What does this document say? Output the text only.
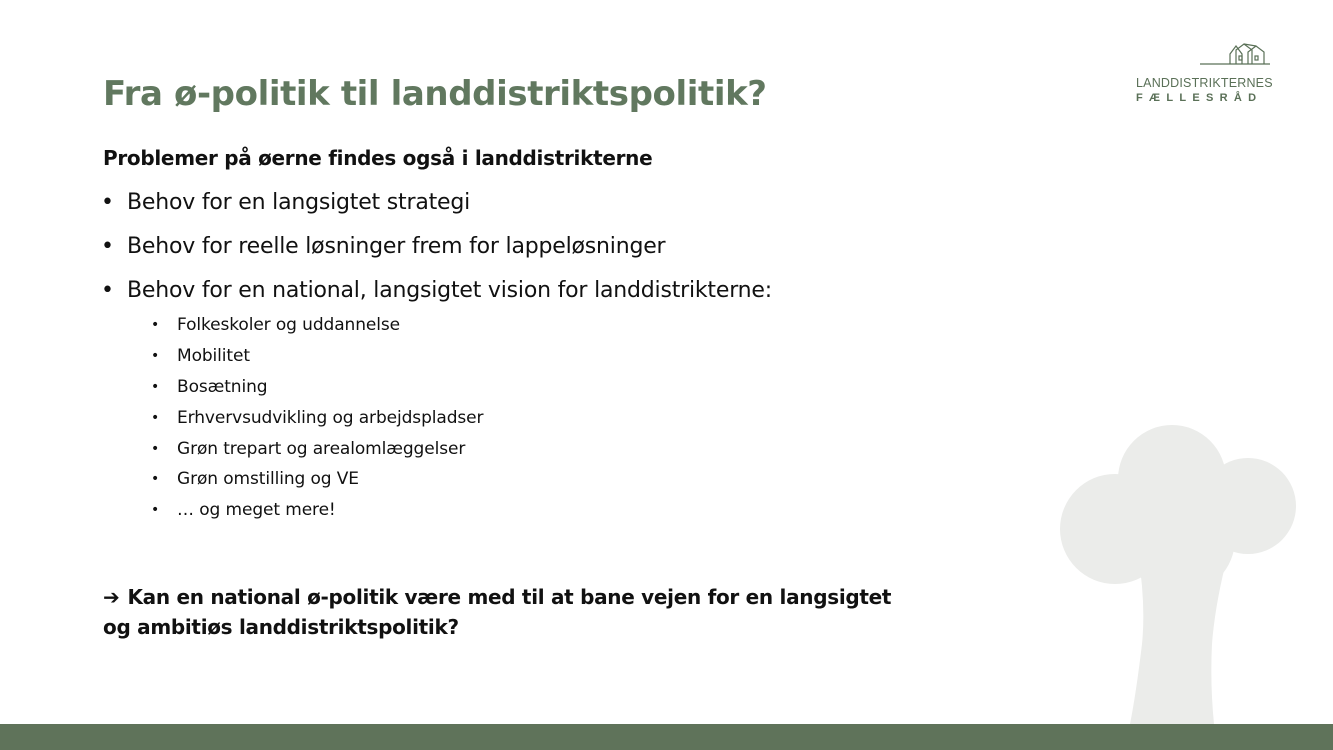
LANDDISTRIKTERNES
FÆLLESRÅD
Fra ø-politik til landdistriktspolitik?

Problemer på øerne findes også i landdistrikterne

• Behov for en langsigtet strategi
• Behov for reelle løsninger frem for lappeløsninger
• Behov for en national, langsigtet vision for landdistrikterne:
• Folkeskoler og uddannelse
• Mobilitet
• Bosætning
• Erhvervsudvikling og arbejdspladser
• Grøn trepart og arealomlæggelser
• Grøn omstilling og VE
• … og meget mere!

➔ Kan en national ø-politik være med til at bane vejen for en langsigtet
og ambitiøs landdistriktspolitik?
